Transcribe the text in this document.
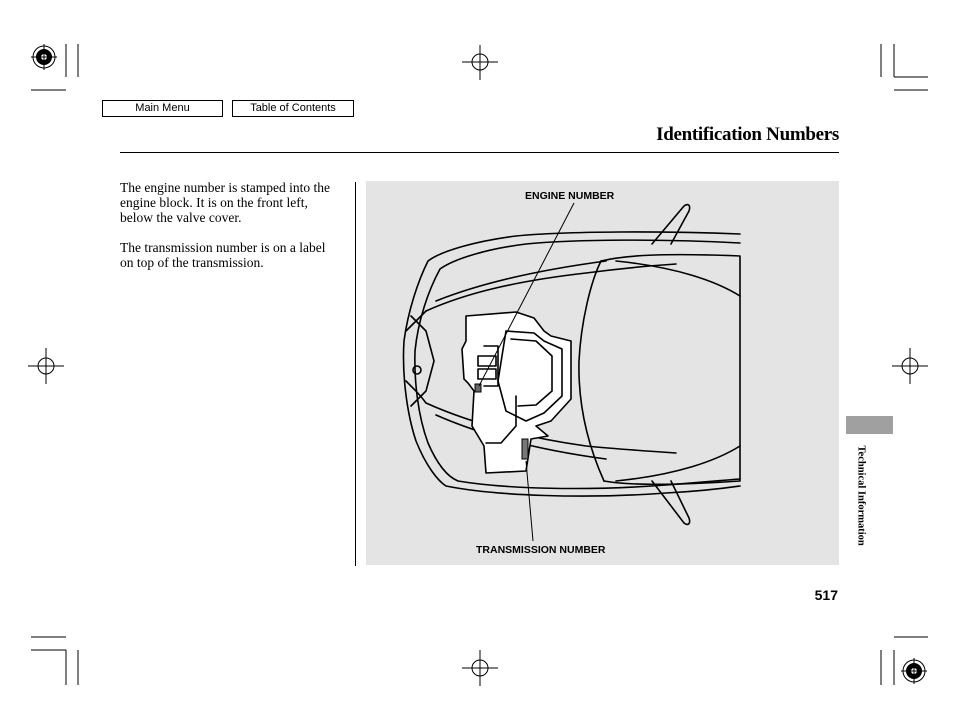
Main Menu	Table of Contents
Identification Numbers

The engine number is stamped into the engine block. It is on the front left, below the valve cover.

The transmission number is on a label on top of the transmission.

ENGINE NUMBER
TRANSMISSION NUMBER
Technical Information
517
